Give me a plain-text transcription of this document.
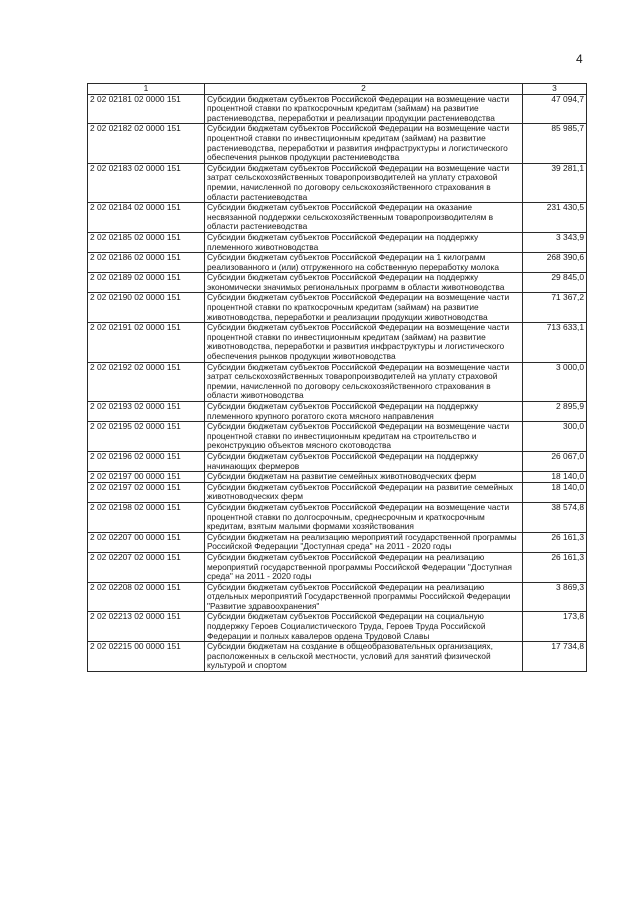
4
1	2	3
2 02 02181 02 0000 151	Субсидии бюджетам субъектов Российской Федерации на возмещение части процентной ставки по краткосрочным кредитам (займам) на развитие растениеводства, переработки и реализации продукции растениеводства	47 094,7
2 02 02182 02 0000 151	Субсидии бюджетам субъектов Российской Федерации на возмещение части процентной ставки по инвестиционным кредитам (займам) на развитие растениеводства, переработки и развития инфраструктуры и логистического обеспечения рынков продукции растениеводства	85 985,7
2 02 02183 02 0000 151	Субсидии бюджетам субъектов Российской Федерации на возмещение части затрат сельскохозяйственных товаропроизводителей на уплату страховой премии, начисленной по договору сельскохозяйственного страхования в области растениеводства	39 281,1
2 02 02184 02 0000 151	Субсидии бюджетам субъектов Российской Федерации на оказание несвязанной поддержки сельскохозяйственным товаропроизводителям в области растениеводства	231 430,5
2 02 02185 02 0000 151	Субсидии бюджетам субъектов Российской Федерации на поддержку племенного животноводства	3 343,9
2 02 02186 02 0000 151	Субсидии бюджетам субъектов Российской Федерации на 1 килограмм реализованного и (или) отгруженного на собственную переработку молока	268 390,6
2 02 02189 02 0000 151	Субсидии бюджетам субъектов Российской Федерации на поддержку экономически значимых региональных программ в области животноводства	29 845,0
2 02 02190 02 0000 151	Субсидии бюджетам субъектов Российской Федерации на возмещение части процентной ставки по краткосрочным кредитам (займам) на развитие животноводства, переработки и реализации продукции животноводства	71 367,2
2 02 02191 02 0000 151	Субсидии бюджетам субъектов Российской Федерации на возмещение части процентной ставки по инвестиционным кредитам (займам) на развитие животноводства, переработки и развития инфраструктуры и логистического обеспечения рынков продукции животноводства	713 633,1
2 02 02192 02 0000 151	Субсидии бюджетам субъектов Российской Федерации на возмещение части затрат сельскохозяйственных товаропроизводителей на уплату страховой премии, начисленной по договору сельскохозяйственного страхования в области животноводства	3 000,0
2 02 02193 02 0000 151	Субсидии бюджетам субъектов Российской Федерации на поддержку племенного крупного рогатого скота мясного направления	2 895,9
2 02 02195 02 0000 151	Субсидии бюджетам субъектов Российской Федерации на возмещение части процентной ставки по инвестиционным кредитам на строительство и реконструкцию объектов мясного скотоводства	300,0
2 02 02196 02 0000 151	Субсидии бюджетам субъектов Российской Федерации на поддержку начинающих фермеров	26 067,0
2 02 02197 00 0000 151	Субсидии бюджетам на развитие семейных животноводческих ферм	18 140,0
2 02 02197 02 0000 151	Субсидии бюджетам субъектов Российской Федерации на развитие семейных животноводческих ферм	18 140,0
2 02 02198 02 0000 151	Субсидии бюджетам субъектов Российской Федерации на возмещение части процентной ставки по долгосрочным, среднесрочным и краткосрочным кредитам, взятым малыми формами хозяйствования	38 574,8
2 02 02207 00 0000 151	Субсидии бюджетам на реализацию мероприятий государственной программы Российской Федерации "Доступная среда" на 2011 - 2020 годы	26 161,3
2 02 02207 02 0000 151	Субсидии бюджетам субъектов Российской Федерации на реализацию мероприятий государственной программы Российской Федерации "Доступная среда" на 2011 - 2020 годы	26 161,3
2 02 02208 02 0000 151	Субсидии бюджетам субъектов Российской Федерации на реализацию отдельных мероприятий Государственной программы Российской Федерации "Развитие здравоохранения"	3 869,3
2 02 02213 02 0000 151	Субсидии бюджетам субъектов Российской Федерации на социальную поддержку Героев Социалистического Труда, Героев Труда Российской Федерации и полных кавалеров ордена Трудовой Славы	173,8
2 02 02215 00 0000 151	Субсидии бюджетам на создание в общеобразовательных организациях, расположенных в сельской местности, условий для занятий физической культурой и спортом	17 734,8
